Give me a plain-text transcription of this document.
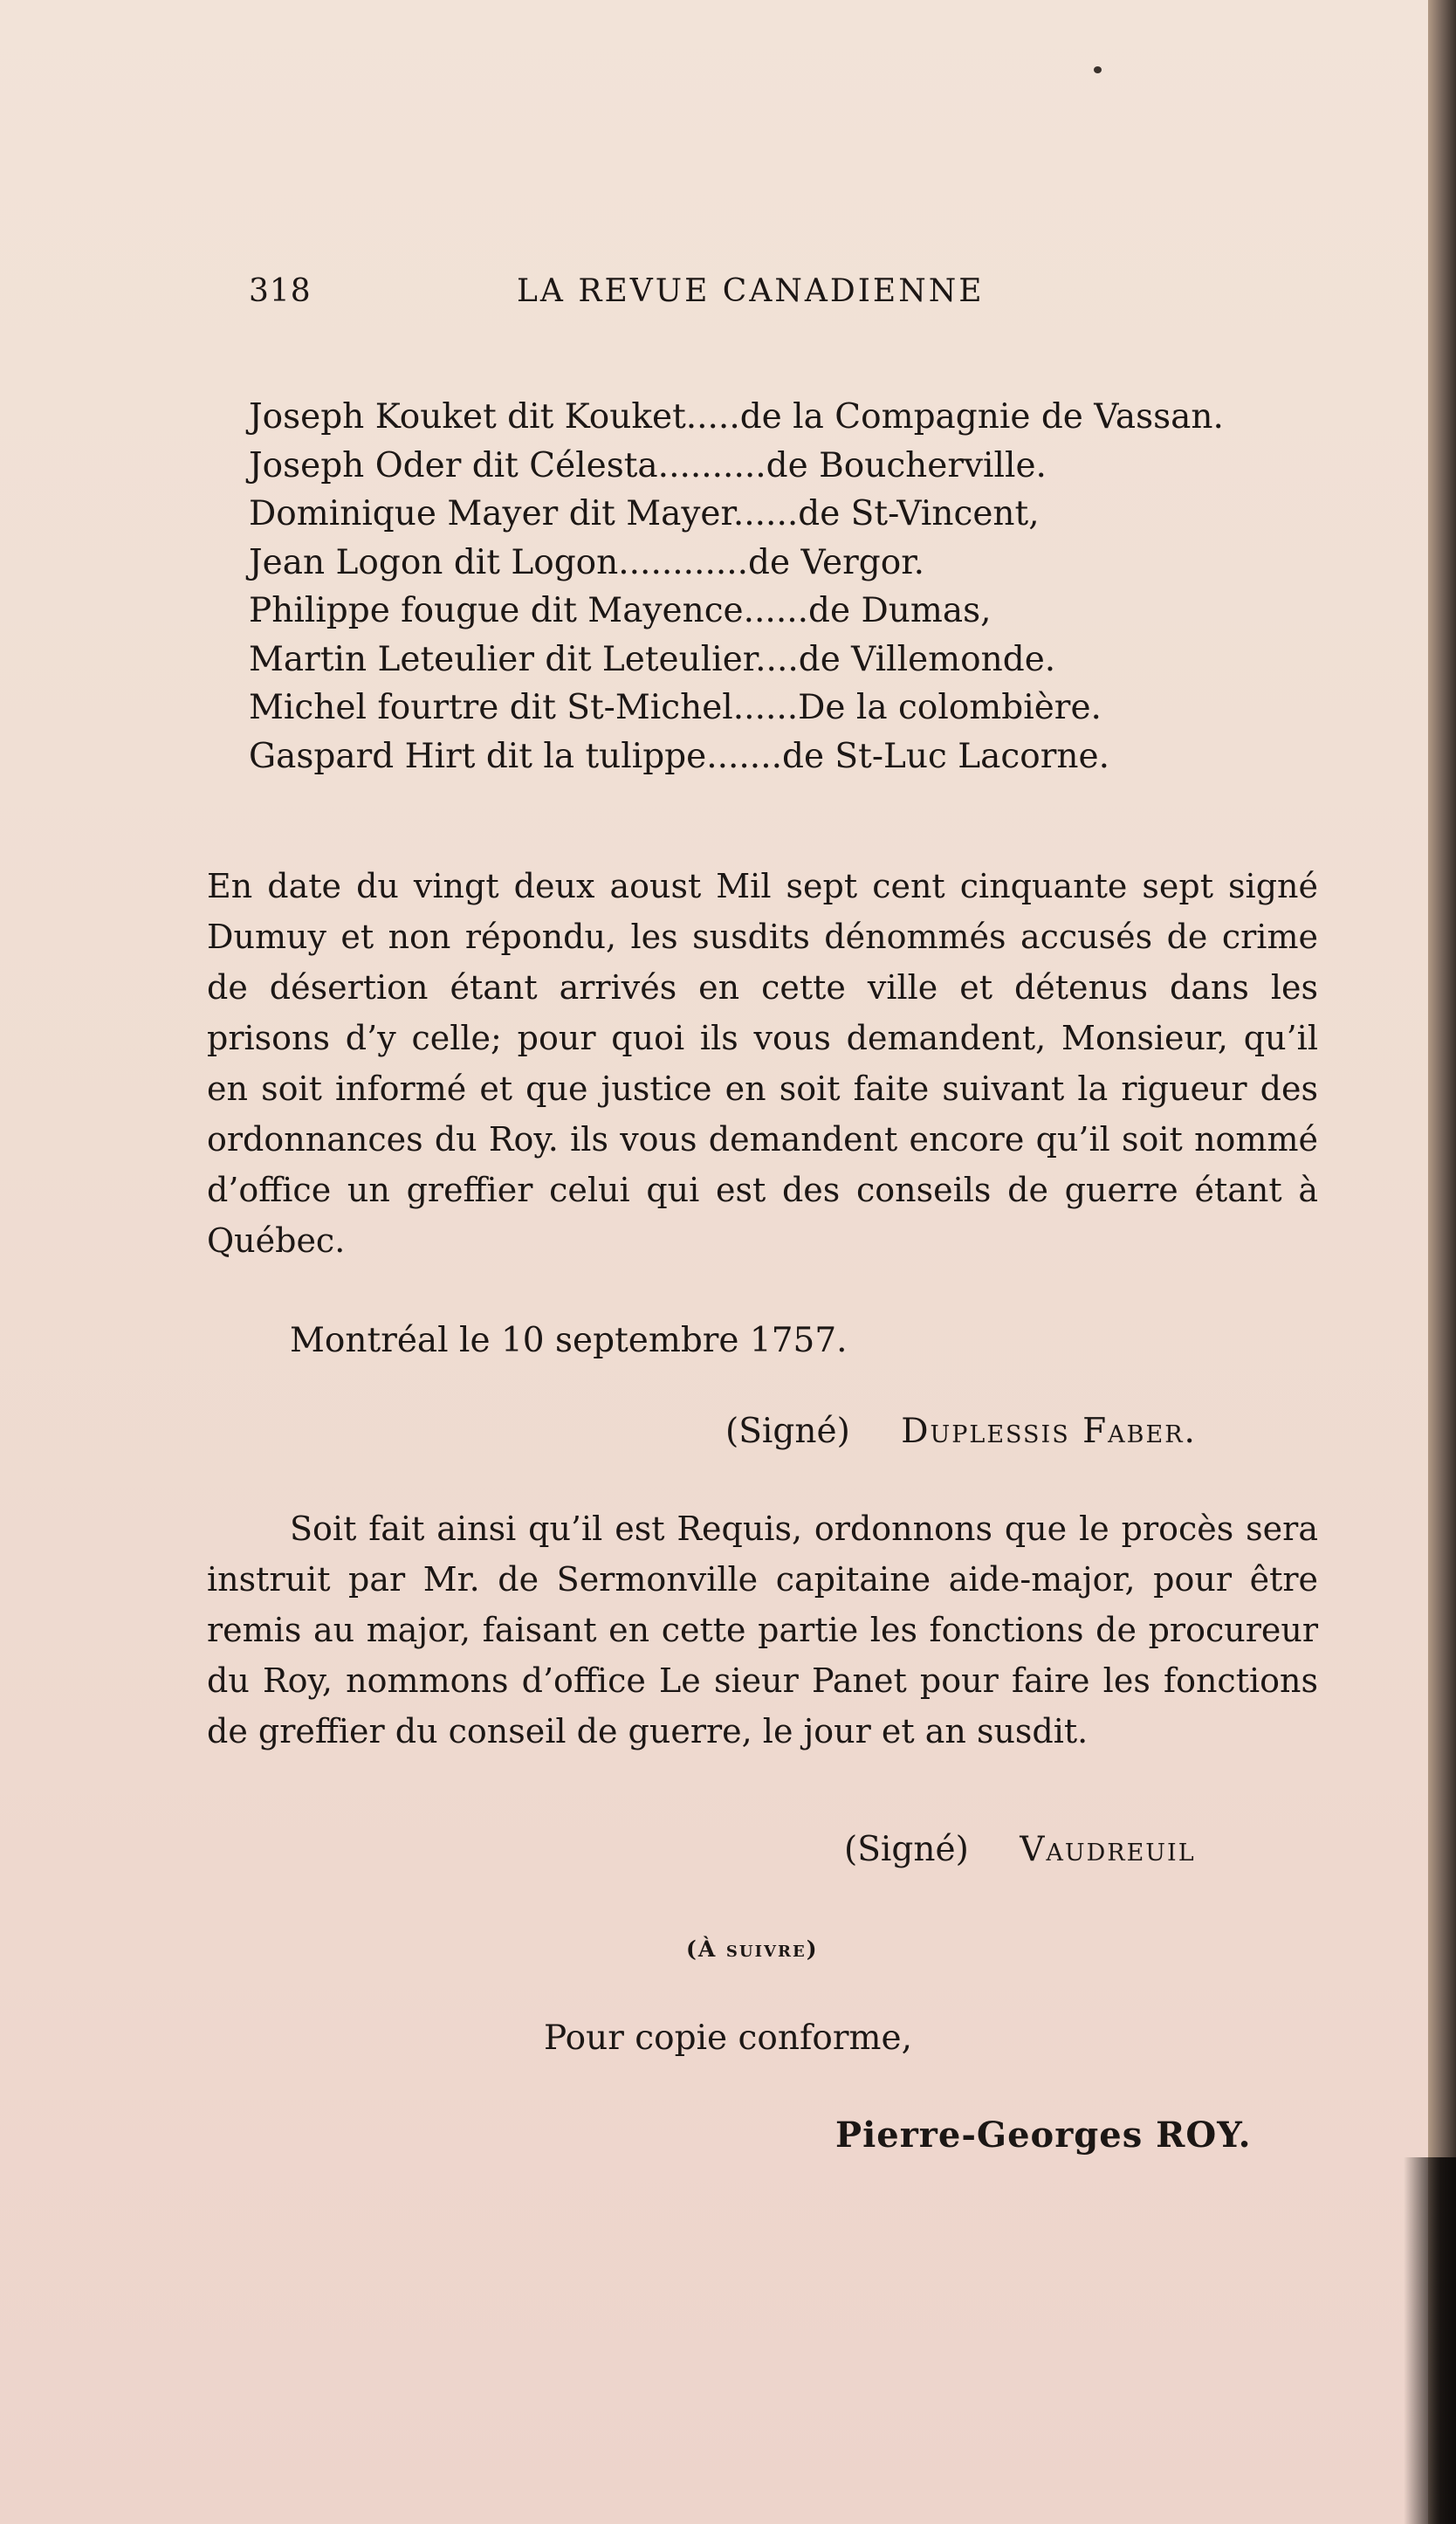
318	LA REVUE CANADIENNE
Joseph Kouket dit Kouket.....de la Compagnie de Vassan.
Joseph Oder dit Célesta..........de Boucherville.
Dominique Mayer dit Mayer......de St-Vincent,
Jean Logon dit Logon............de Vergor.
Philippe fougue dit Mayence......de Dumas,
Martin Leteulier dit Leteulier....de Villemonde.
Michel fourtre dit St-Michel......De la colombière.
Gaspard Hirt dit la tulippe.......de St-Luc Lacorne.

En date du vingt deux aoust Mil sept cent cinquante sept signé Dumuy et non répondu, les susdits dénommés accusés de crime de désertion étant arrivés en cette ville et détenus dans les prisons d’y celle; pour quoi ils vous demandent, Monsieur, qu’il en soit informé et que justice en soit faite suivant la rigueur des ordonnances du Roy. ils vous demandent encore qu’il soit nommé d’office un greffier celui qui est des conseils de guerre étant à Québec.

Montréal le 10 septembre 1757.
(Signé) Duplessis Faber.

Soit fait ainsi qu’il est Requis, ordonnons que le procès sera instruit par Mr. de Sermonville capitaine aide-major, pour être remis au major, faisant en cette partie les fonctions de procureur du Roy, nommons d’office Le sieur Panet pour faire les fonctions de greffier du conseil de guerre, le jour et an susdit.

(Signé) Vaudreuil
(À suivre)
Pour copie conforme,
Pierre-Georges ROY.
